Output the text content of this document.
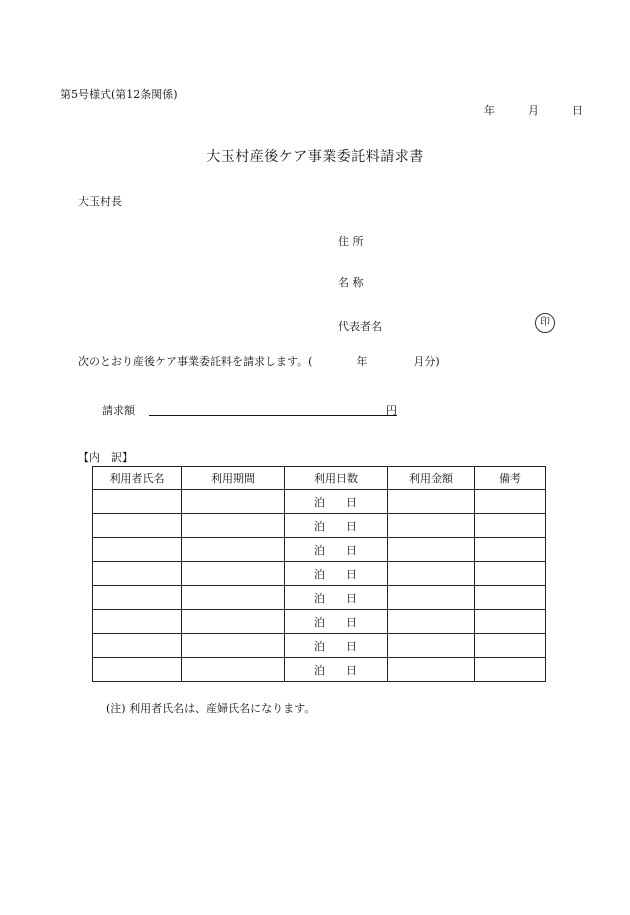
第5号様式(第12条関係)
年	月	日
大玉村産後ケア事業委託料請求書
大玉村長
住 所
名 称
代表者名	印
次のとおり産後ケア事業委託料を請求します。(	年	月分)
請求額	円
【内　訳】
利用者氏名	利用期間	利用日数	利用金額	備考
		泊 日		
		泊 日		
		泊 日		
		泊 日		
		泊 日		
		泊 日		
		泊 日		
		泊 日		
(注) 利用者氏名は、産婦氏名になります。
